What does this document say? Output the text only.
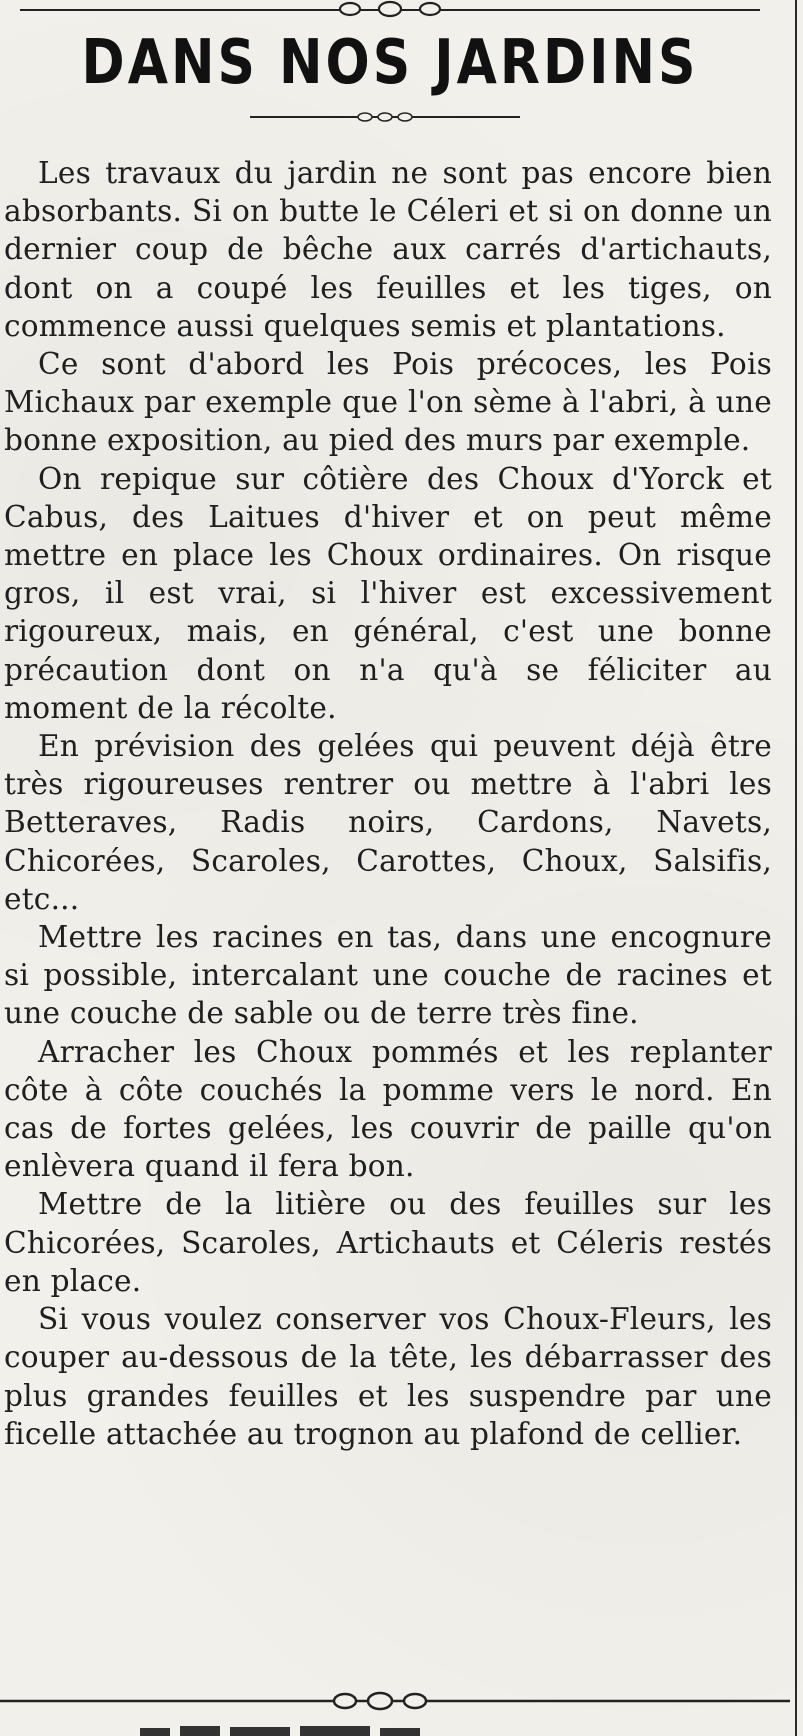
DANS NOS JARDINS

Les travaux du jardin ne sont pas encore bien absorbants. Si on butte le Céleri et si on donne un dernier coup de bêche aux carrés d'artichauts, dont on a coupé les feuilles et les tiges, on commence aussi quelques semis et plantations.

Ce sont d'abord les Pois précoces, les Pois Michaux par exemple que l'on sème à l'abri, à une bonne exposition, au pied des murs par exemple.

On repique sur côtière des Choux d'Yorck et Cabus, des Laitues d'hiver et on peut même mettre en place les Choux ordinaires. On risque gros, il est vrai, si l'hiver est excessivement rigoureux, mais, en général, c'est une bonne précaution dont on n'a qu'à se féliciter au moment de la récolte.

En prévision des gelées qui peuvent déjà être très rigoureuses rentrer ou mettre à l'abri les Betteraves, Radis noirs, Cardons, Navets, Chicorées, Scaroles, Carottes, Choux, Salsifis, etc...

Mettre les racines en tas, dans une encognure si possible, intercalant une couche de racines et une couche de sable ou de terre très fine.

Arracher les Choux pommés et les replanter côte à côte couchés la pomme vers le nord. En cas de fortes gelées, les couvrir de paille qu'on enlèvera quand il fera bon.

Mettre de la litière ou des feuilles sur les Chicorées, Scaroles, Artichauts et Céleris restés en place.

Si vous voulez conserver vos Choux-Fleurs, les couper au-dessous de la tête, les débarrasser des plus grandes feuilles et les suspendre par une ficelle attachée au trognon au plafond de cellier.
